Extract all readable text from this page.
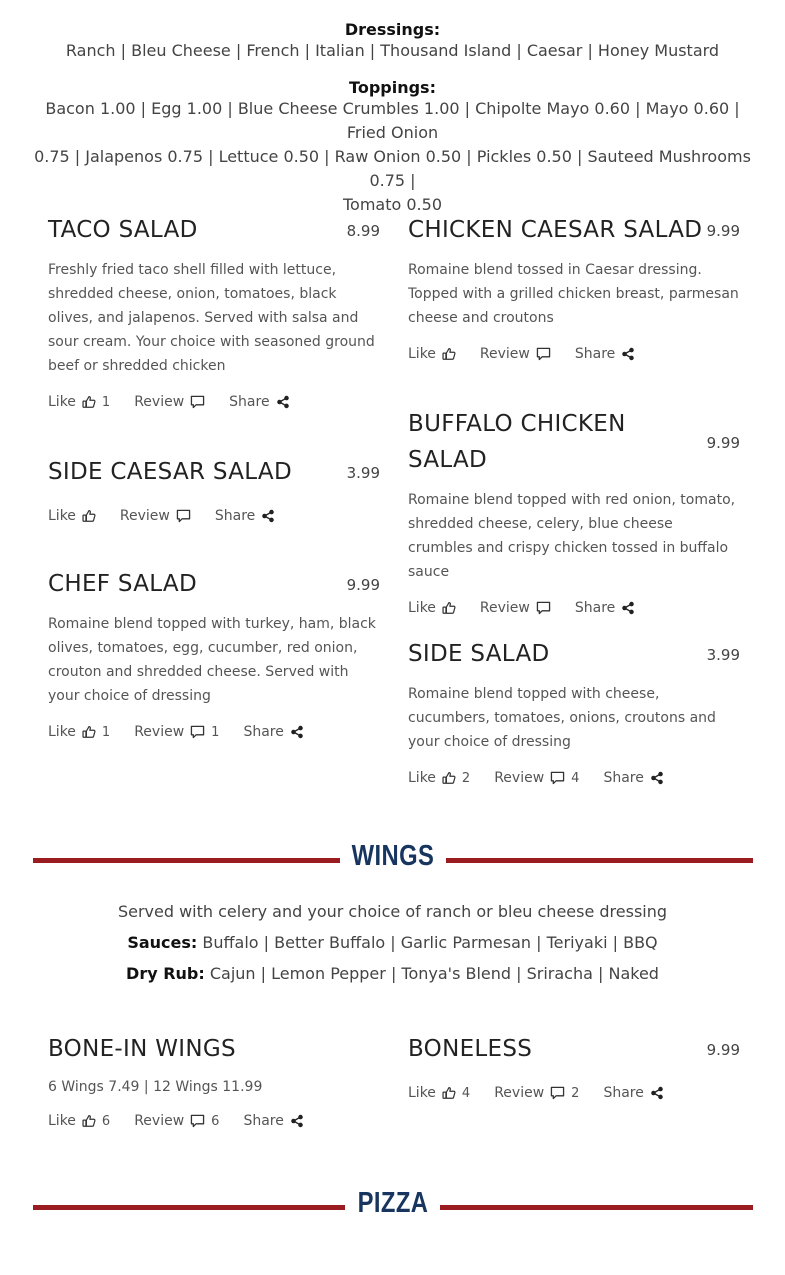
Dressings:
Ranch | Bleu Cheese | French | Italian | Thousand Island | Caesar | Honey Mustard
Toppings:
Bacon 1.00 | Egg 1.00 | Blue Cheese Crumbles 1.00 | Chipolte Mayo 0.60 | Mayo 0.60 | Fried Onion
0.75 | Jalapenos 0.75 | Lettuce 0.50 | Raw Onion 0.50 | Pickles 0.50 | Sauteed Mushrooms 0.75 |
Tomato 0.50
TACO SALAD	8.99
Freshly fried taco shell filled with lettuce, shredded cheese, onion, tomatoes, black olives, and jalapenos. Served with salsa and sour cream. Your choice with seasoned ground beef or shredded chicken
Like 1 Review	Share
SIDE CAESAR SALAD	3.99
Like	Review	Share
CHEF SALAD	9.99
Romaine blend topped with turkey, ham, black olives, tomatoes, egg, cucumber, red onion, crouton and shredded cheese. Served with your choice of dressing
Like 1 Review 1 Share
CHICKEN CAESAR SALAD 9.99
Romaine blend tossed in Caesar dressing. Topped with a grilled chicken breast, parmesan cheese and croutons
Like	Review	Share
BUFFALO CHICKEN
SALAD
9.99
Romaine blend topped with red onion, tomato, shredded cheese, celery, blue cheese crumbles and crispy chicken tossed in buffalo sauce
Like	Review	Share
SIDE SALAD	3.99
Romaine blend topped with cheese, cucumbers, tomatoes, onions, croutons and your choice of dressing
Like 2 Review 4 Share
WINGS
Served with celery and your choice of ranch or bleu cheese dressing
Sauces: Buffalo | Better Buffalo | Garlic Parmesan | Teriyaki | BBQ
Dry Rub: Cajun | Lemon Pepper | Tonya's Blend | Sriracha | Naked
BONE-IN WINGS
6 Wings 7.49 | 12 Wings 11.99
Like 6 Review 6 Share
BONELESS	9.99
Like 4 Review 2 Share
PIZZA
